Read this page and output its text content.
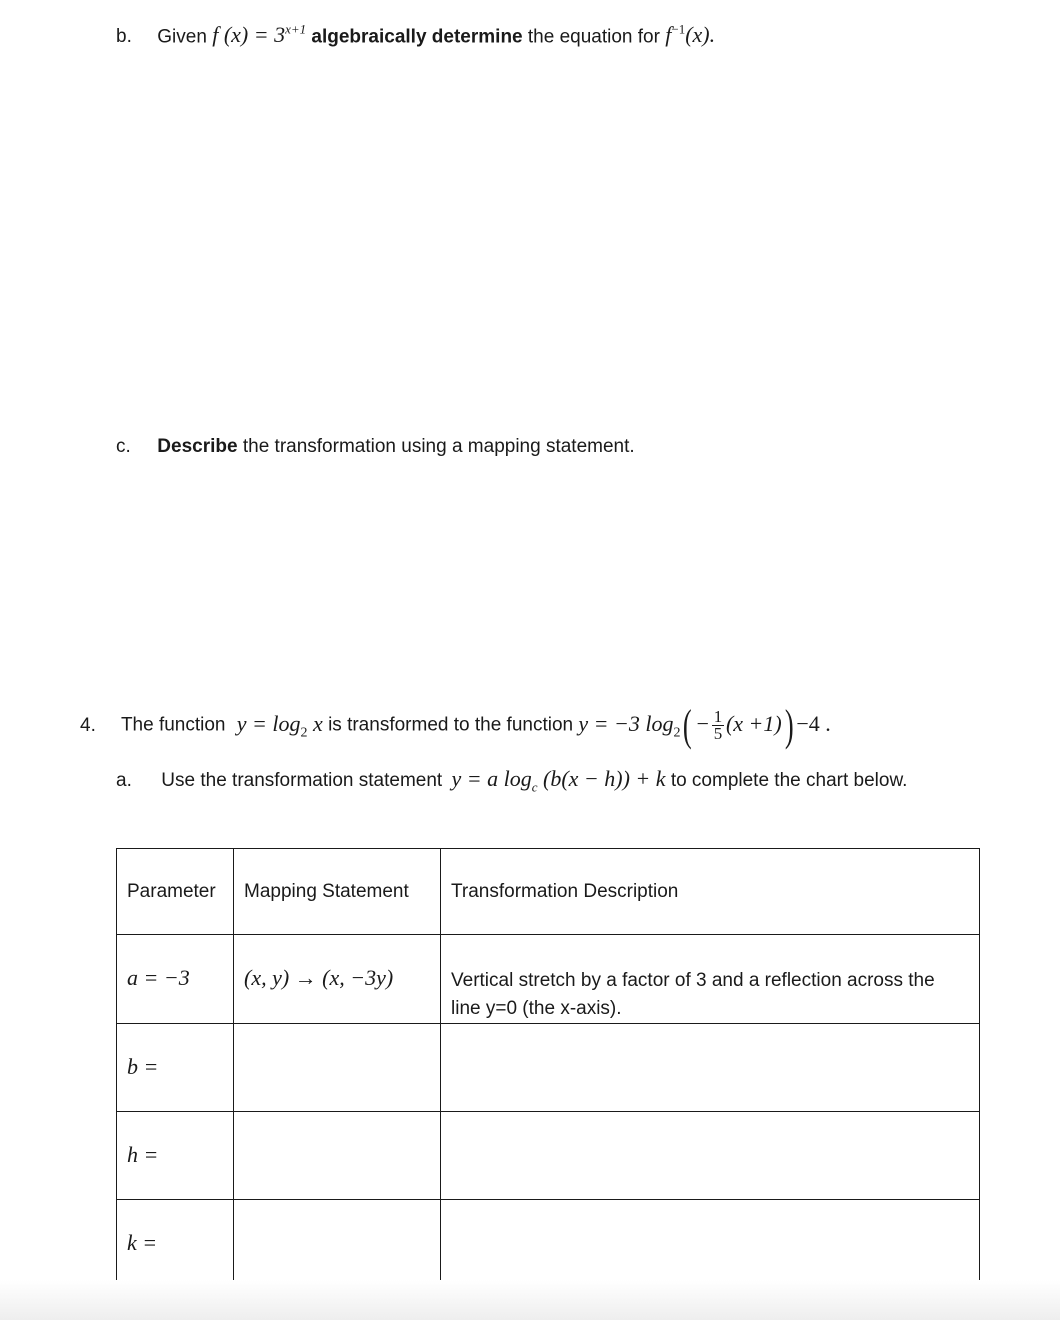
b. Given f $(x) = 3^{x+1}$ algebraically determine the equation for $f^{-1}(x)$.
c. Describe the transformation using a mapping statement.
4. The function $y = \log_2 x$ is transformed to the function y = −3 $\log_2( - \frac{1}{5} (x +1)) -4$ .
a. Use the transformation statement y = a $\log_c (b(x - h)) + k$ to complete the chart below.
Parameter	Mapping Statement	Transformation Description
a = −3	(x, y) → (x, −3y)	Vertical stretch by a factor of 3 and a reflection across the line y=0 (the x-axis).
b =		
h =		
k =		
